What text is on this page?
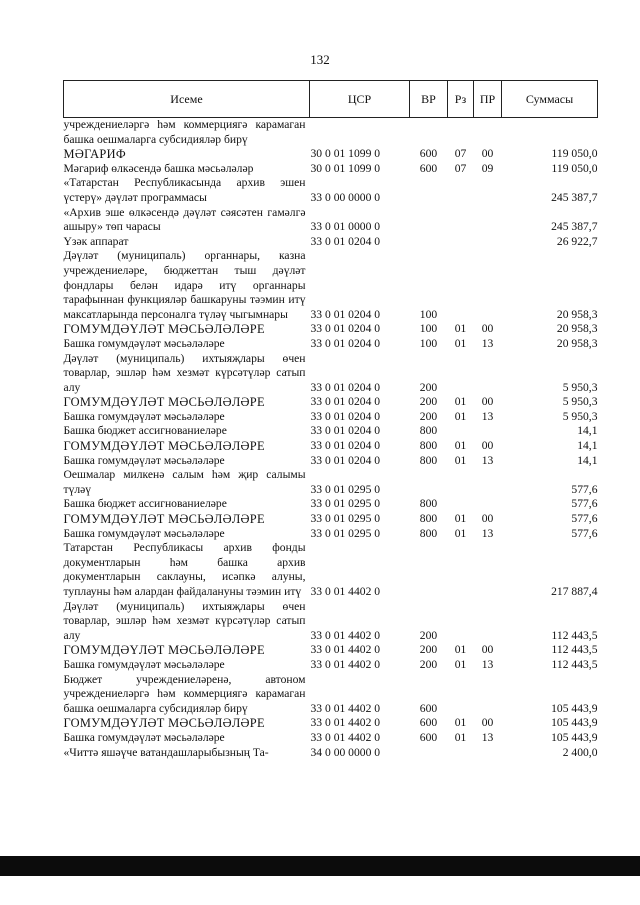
132
Исеме	ЦСР	ВР	Рз	ПР	Суммасы
учреждениеләргә һәм коммерциягә карамаган башка оешмаларга субсидияләр бирү					
МӘГАРИФ	30 0 01 1099 0	600	07	00	119 050,0
Мәгариф өлкәсендә башка мәсьәләләр	30 0 01 1099 0	600	07	09	119 050,0
«Татарстан Республикасында архив эшен үстерү» дәүләт программасы	33 0 00 0000 0				245 387,7
«Архив эше өлкәсендә дәүләт сәясәтен гамәлгә ашыру» төп чарасы	33 0 01 0000 0				245 387,7
Үзәк аппарат	33 0 01 0204 0				26 922,7
Дәүләт (муниципаль) органнары, казна учреждениеләре, бюджеттан тыш дәүләт фондлары белән идарә итү органнары тарафыннан функцияләр башкаруны тәэмин итү максатларында персоналга түләү чыгымнары	33 0 01 0204 0	100			20 958,3
ГОМУМДӘҮЛӘТ МӘСЬӘЛӘЛӘРЕ	33 0 01 0204 0	100	01	00	20 958,3
Башка гомумдәүләт мәсьәләләре	33 0 01 0204 0	100	01	13	20 958,3
Дәүләт (муниципаль) ихтыяҗлары өчен товарлар, эшләр һәм хезмәт күрсәтүләр сатып алу	33 0 01 0204 0	200			5 950,3
ГОМУМДӘҮЛӘТ МӘСЬӘЛӘЛӘРЕ	33 0 01 0204 0	200	01	00	5 950,3
Башка гомумдәүләт мәсьәләләре	33 0 01 0204 0	200	01	13	5 950,3
Башка бюджет ассигнованиеләре	33 0 01 0204 0	800			14,1
ГОМУМДӘҮЛӘТ МӘСЬӘЛӘЛӘРЕ	33 0 01 0204 0	800	01	00	14,1
Башка гомумдәүләт мәсьәләләре	33 0 01 0204 0	800	01	13	14,1
Оешмалар милкенә салым һәм җир салымы түләү	33 0 01 0295 0				577,6
Башка бюджет ассигнованиеләре	33 0 01 0295 0	800			577,6
ГОМУМДӘҮЛӘТ МӘСЬӘЛӘЛӘРЕ	33 0 01 0295 0	800	01	00	577,6
Башка гомумдәүләт мәсьәләләре	33 0 01 0295 0	800	01	13	577,6
Татарстан Республикасы архив фонды документларын һәм башка архив документларын саклауны, исәпкә алуны, туплауны һәм алардан файдалануны тәэмин итү	33 0 01 4402 0				217 887,4
Дәүләт (муниципаль) ихтыяҗлары өчен товарлар, эшләр һәм хезмәт күрсәтүләр сатып алу	33 0 01 4402 0	200			112 443,5
ГОМУМДӘҮЛӘТ МӘСЬӘЛӘЛӘРЕ	33 0 01 4402 0	200	01	00	112 443,5
Башка гомумдәүләт мәсьәләләре	33 0 01 4402 0	200	01	13	112 443,5
Бюджет учреждениеләренә, автоном учреждениеләргә һәм коммерциягә карамаган башка оешмаларга субсидияләр бирү	33 0 01 4402 0	600			105 443,9
ГОМУМДӘҮЛӘТ МӘСЬӘЛӘЛӘРЕ	33 0 01 4402 0	600	01	00	105 443,9
Башка гомумдәүләт мәсьәләләре	33 0 01 4402 0	600	01	13	105 443,9
«Читтә яшәүче ватандашларыбызның Та-	34 0 00 0000 0				2 400,0
